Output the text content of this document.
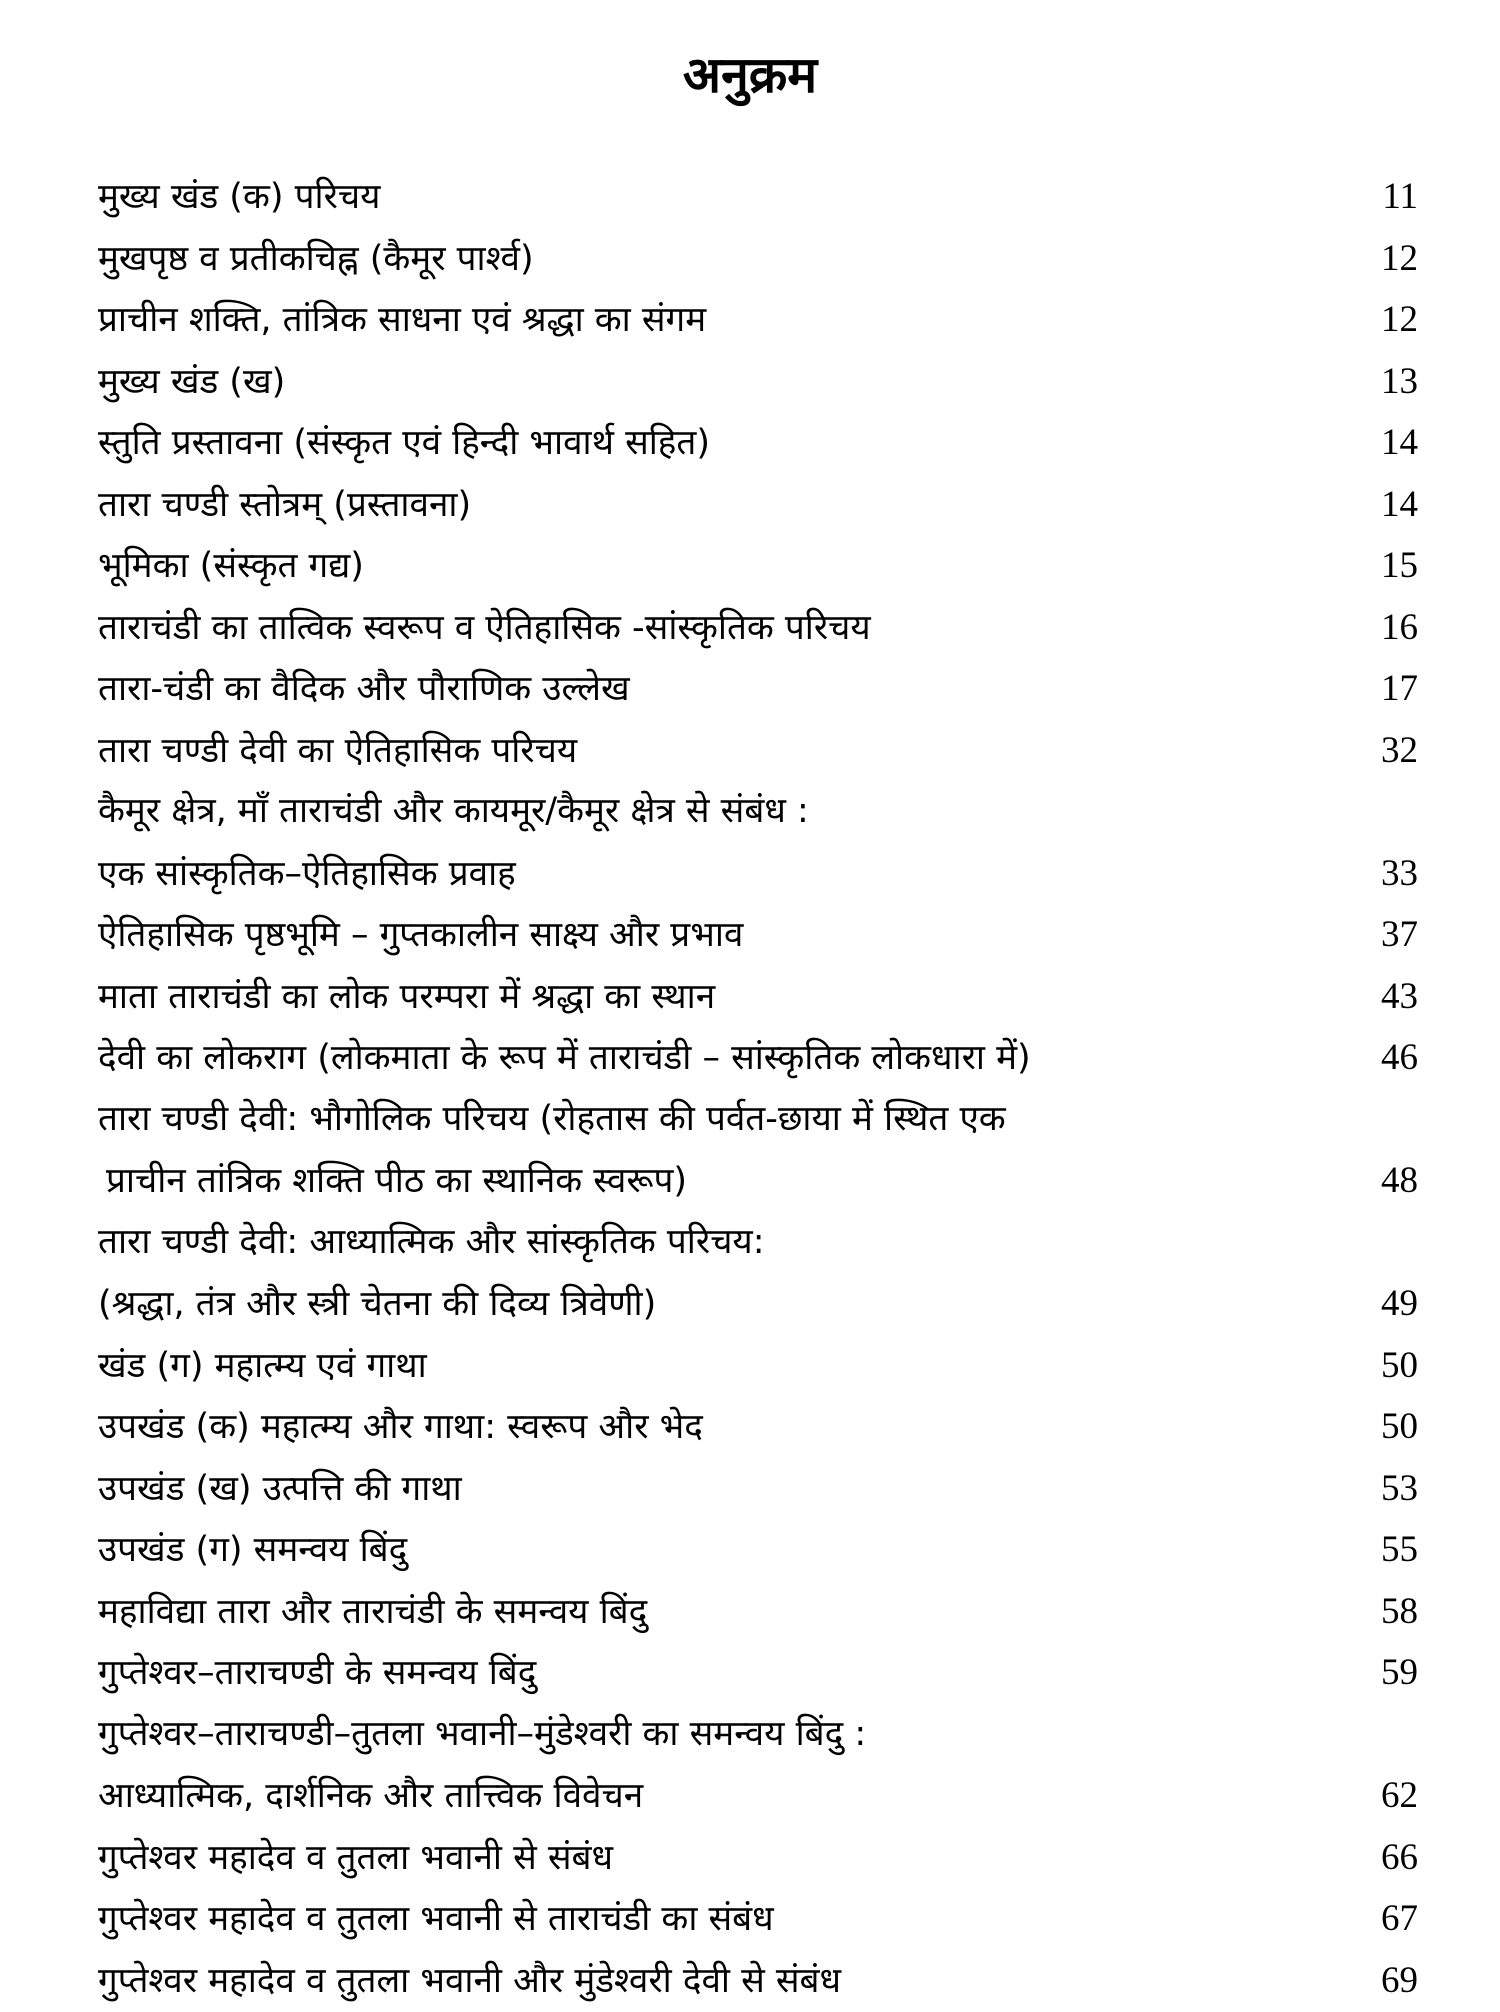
अनुक्रम
मुख्य खंड (क) परिचय	11
मुखपृष्ठ व प्रतीकचिह्न (कैमूर पार्श्व)	12
प्राचीन शक्ति, तांत्रिक साधना एवं श्रद्धा का संगम	12
मुख्य खंड (ख)	13
स्तुति प्रस्तावना (संस्कृत एवं हिन्दी भावार्थ सहित)	14
तारा चण्डी स्तोत्रम् (प्रस्तावना)	14
भूमिका (संस्कृत गद्य)	15
ताराचंडी का तात्विक स्वरूप व ऐतिहासिक -सांस्कृतिक परिचय	16
तारा-चंडी का वैदिक और पौराणिक उल्लेख	17
तारा चण्डी देवी का ऐतिहासिक परिचय	32
कैमूर क्षेत्र, माँ ताराचंडी और कायमूर/कैमूर क्षेत्र से संबंध :
एक सांस्कृतिक–ऐतिहासिक प्रवाह	33
ऐतिहासिक पृष्ठभूमि – गुप्तकालीन साक्ष्य और प्रभाव	37
माता ताराचंडी का लोक परम्परा में श्रद्धा का स्थान	43
देवी का लोकराग (लोकमाता के रूप में ताराचंडी – सांस्कृतिक लोकधारा में)	46
तारा चण्डी देवी: भौगोलिक परिचय (रोहतास की पर्वत-छाया में स्थित एक
प्राचीन तांत्रिक शक्ति पीठ का स्थानिक स्वरूप)	48
तारा चण्डी देवी: आध्यात्मिक और सांस्कृतिक परिचय:
(श्रद्धा, तंत्र और स्त्री चेतना की दिव्य त्रिवेणी)	49
खंड (ग) महात्म्य एवं गाथा	50
उपखंड (क) महात्म्य और गाथा: स्वरूप और भेद	50
उपखंड (ख) उत्पत्ति की गाथा	53
उपखंड (ग) समन्वय बिंदु	55
महाविद्या तारा और ताराचंडी के समन्वय बिंदु	58
गुप्तेश्वर–ताराचण्डी के समन्वय बिंदु	59
गुप्तेश्वर–ताराचण्डी–तुतला भवानी–मुंडेश्वरी का समन्वय बिंदु :
आध्यात्मिक, दार्शनिक और तात्त्विक विवेचन	62
गुप्तेश्वर महादेव व तुतला भवानी से संबंध	66
गुप्तेश्वर महादेव व तुतला भवानी से ताराचंडी का संबंध	67
गुप्तेश्वर महादेव व तुतला भवानी और मुंडेश्वरी देवी से संबंध	69
